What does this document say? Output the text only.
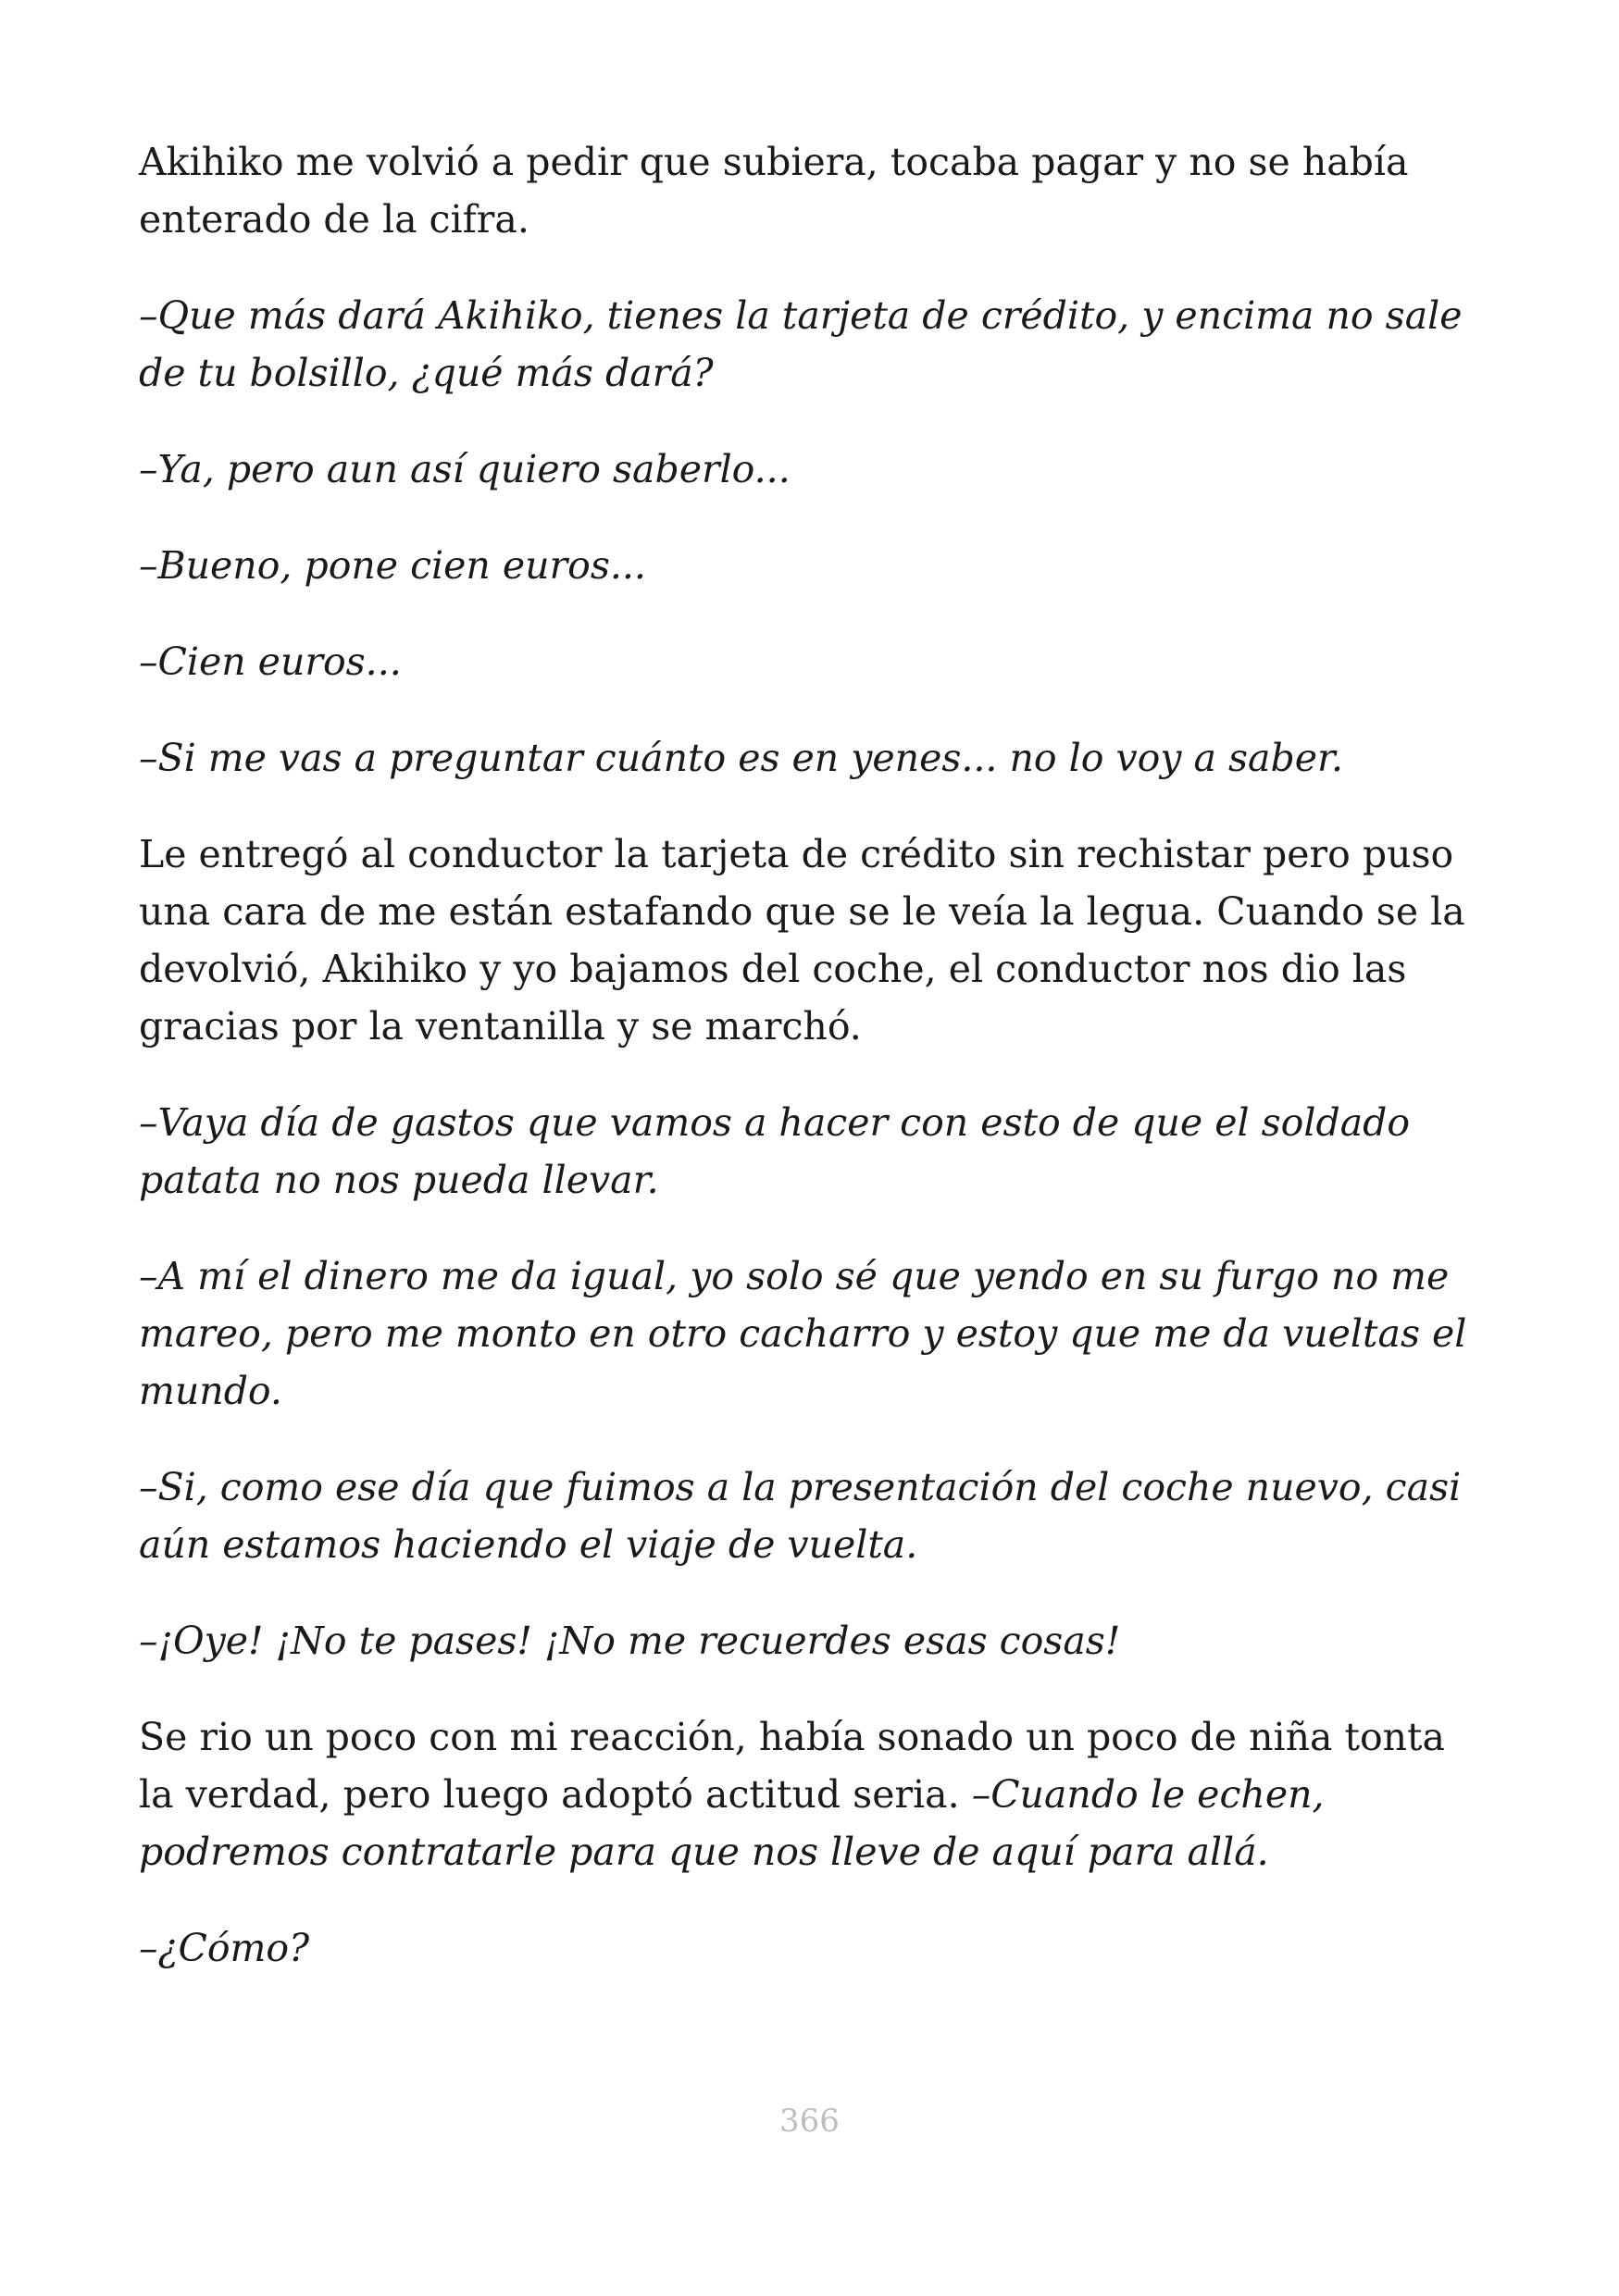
Akihiko me volvió a pedir que subiera, tocaba pagar y no se había enterado de la cifra.

–Que más dará Akihiko, tienes la tarjeta de crédito, y encima no sale de tu bolsillo, ¿qué más dará?

–Ya, pero aun así quiero saberlo...

–Bueno, pone cien euros...

–Cien euros...

–Si me vas a preguntar cuánto es en yenes... no lo voy a saber.

Le entregó al conductor la tarjeta de crédito sin rechistar pero puso una cara de me están estafando que se le veía la legua. Cuando se la devolvió, Akihiko y yo bajamos del coche, el conductor nos dio las gracias por la ventanilla y se marchó.

–Vaya día de gastos que vamos a hacer con esto de que el soldado patata no nos pueda llevar.

–A mí el dinero me da igual, yo solo sé que yendo en su furgo no me mareo, pero me monto en otro cacharro y estoy que me da vueltas el mundo.

–Si, como ese día que fuimos a la presentación del coche nuevo, casi aún estamos haciendo el viaje de vuelta.

–¡Oye! ¡No te pases! ¡No me recuerdes esas cosas!

Se rio un poco con mi reacción, había sonado un poco de niña tonta la verdad, pero luego adoptó actitud seria. –Cuando le echen, podremos contratarle para que nos lleve de aquí para allá.

–¿Cómo?

366
